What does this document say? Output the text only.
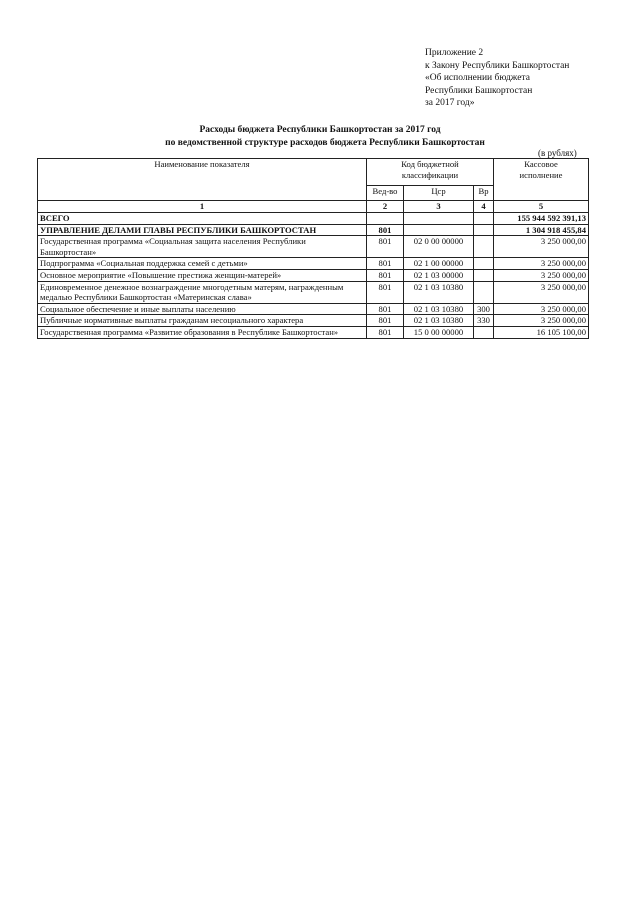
Приложение 2
к Закону Республики Башкортостан
«Об исполнении бюджета
Республики Башкортостан
за 2017 год»
Расходы бюджета Республики Башкортостан за 2017 год
по ведомственной структуре расходов бюджета Республики Башкортостан
(в рублях)
Наименование показателя	Код бюджетной классификации			Кассовое исполнение
	Вед-во	Цср	Вр	
1	2	3	4	5
ВСЕГО				155 944 592 391,13
УПРАВЛЕНИЕ ДЕЛАМИ ГЛАВЫ РЕСПУБЛИКИ БАШКОРТОСТАН	801			1 304 918 455,84
Государственная программа «Социальная защита населения Республики Башкортостан»	801	02 0 00 00000		3 250 000,00
Подпрограмма «Социальная поддержка семей с детьми»	801	02 1 00 00000		3 250 000,00
Основное мероприятие «Повышение престижа женщин-матерей»	801	02 1 03 00000		3 250 000,00
Единовременное денежное вознаграждение многодетным матерям, награжденным медалью Республики Башкортостан «Материнская слава»	801	02 1 03 10380		3 250 000,00
Социальное обеспечение и иные выплаты населению	801	02 1 03 10380	300	3 250 000,00
Публичные нормативные выплаты гражданам несоциального характера	801	02 1 03 10380	330	3 250 000,00
Государственная программа «Развитие образования в Республике Башкортостан»	801	15 0 00 00000		16 105 100,00
